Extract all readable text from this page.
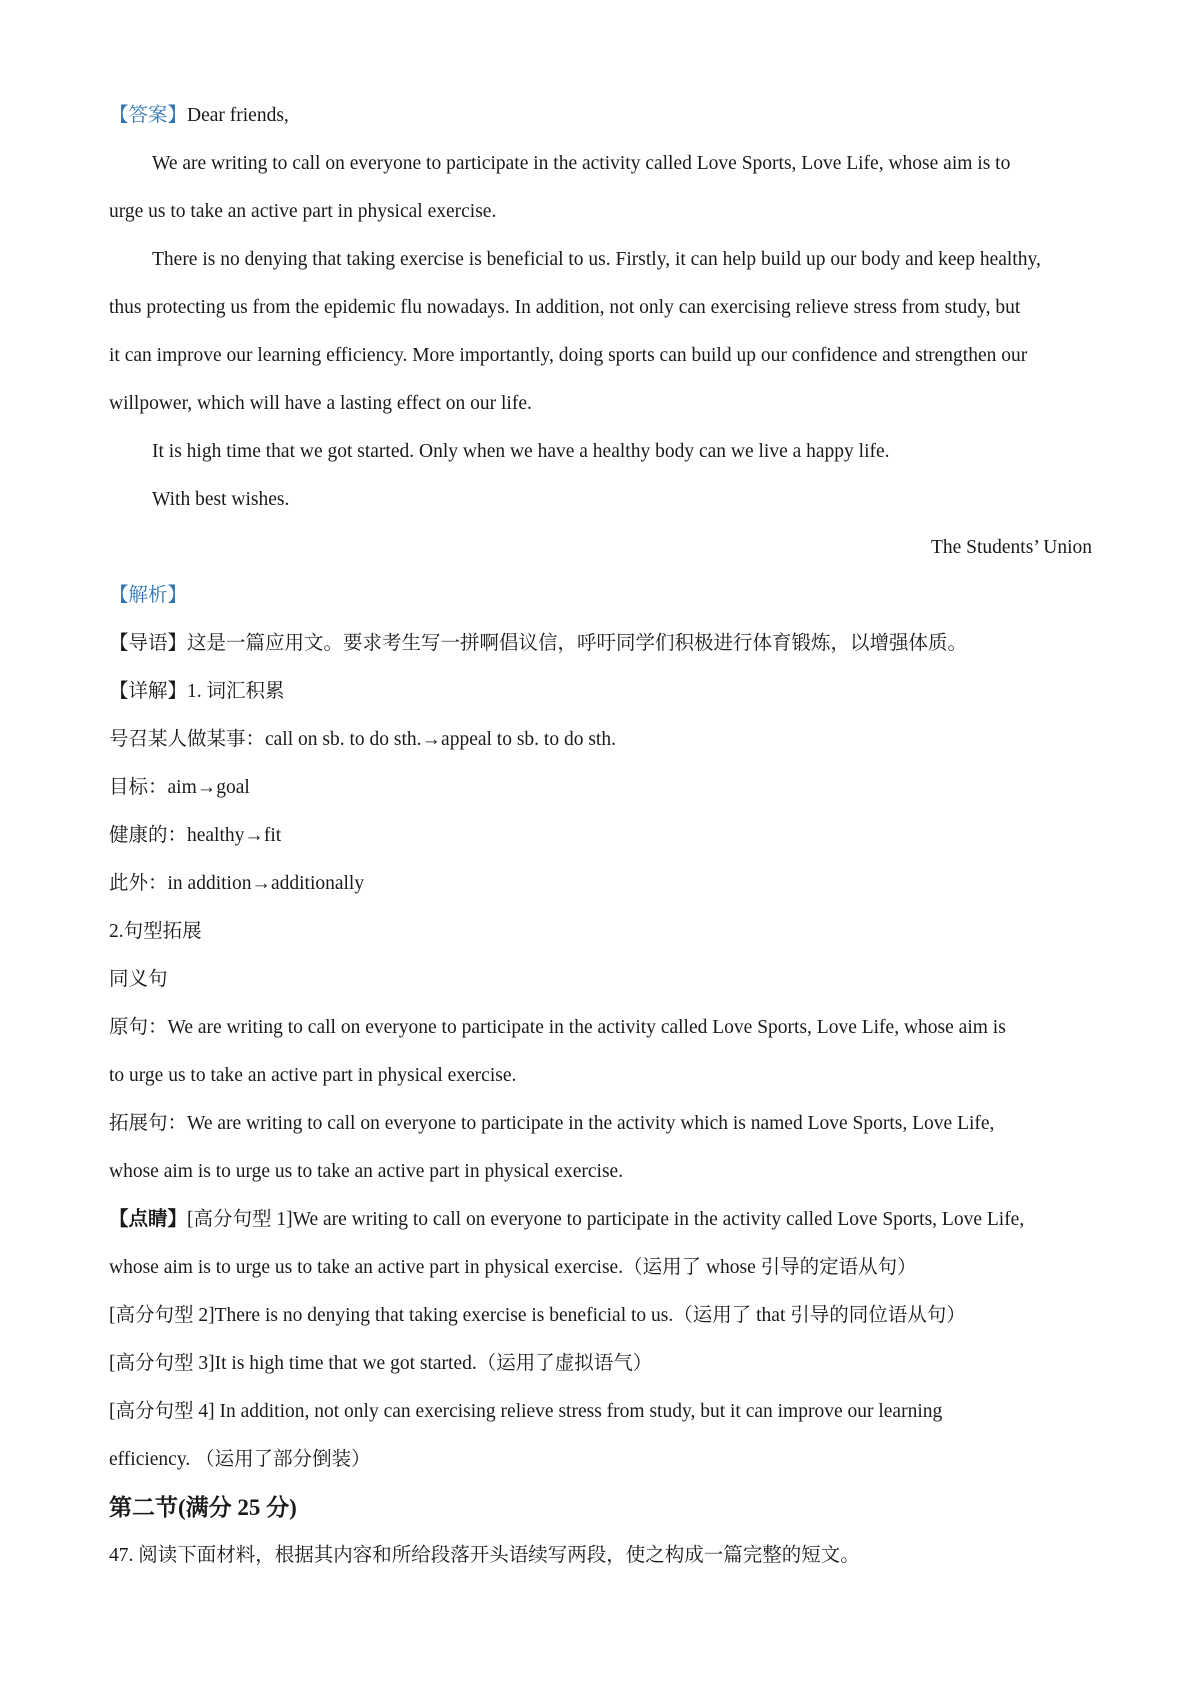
【答案】Dear friends,
We are writing to call on everyone to participate in the activity called Love Sports, Love Life, whose aim is to
urge us to take an active part in physical exercise.
There is no denying that taking exercise is beneficial to us. Firstly, it can help build up our body and keep healthy,
thus protecting us from the epidemic flu nowadays. In addition, not only can exercising relieve stress from study, but
it can improve our learning efficiency. More importantly, doing sports can build up our confidence and strengthen our
willpower, which will have a lasting effect on our life.
It is high time that we got started. Only when we have a healthy body can we live a happy life.
With best wishes.
The Students’ Union
【解析】
【导语】这是一篇应用文。要求考生写一拼啊倡议信，呼吁同学们积极进行体育锻炼，以增强体质。
【详解】1. 词汇积累
号召某人做某事：call on sb. to do sth.→appeal to sb. to do sth.
目标：aim→goal
健康的：healthy→fit
此外：in addition→additionally
2.句型拓展
同义句
原句：We are writing to call on everyone to participate in the activity called Love Sports, Love Life, whose aim is
to urge us to take an active part in physical exercise.
拓展句：We are writing to call on everyone to participate in the activity which is named Love Sports, Love Life,
whose aim is to urge us to take an active part in physical exercise.
【点睛】[高分句型 1]We are writing to call on everyone to participate in the activity called Love Sports, Love Life,
whose aim is to urge us to take an active part in physical exercise.（运用了 whose 引导的定语从句）
[高分句型 2]There is no denying that taking exercise is beneficial to us.（运用了 that 引导的同位语从句）
[高分句型 3]It is high time that we got started.（运用了虚拟语气）
[高分句型 4] In addition, not only can exercising relieve stress from study, but it can improve our learning
efficiency. （运用了部分倒装）
第二节(满分 25 分)
47. 阅读下面材料，根据其内容和所给段落开头语续写两段，使之构成一篇完整的短文。
